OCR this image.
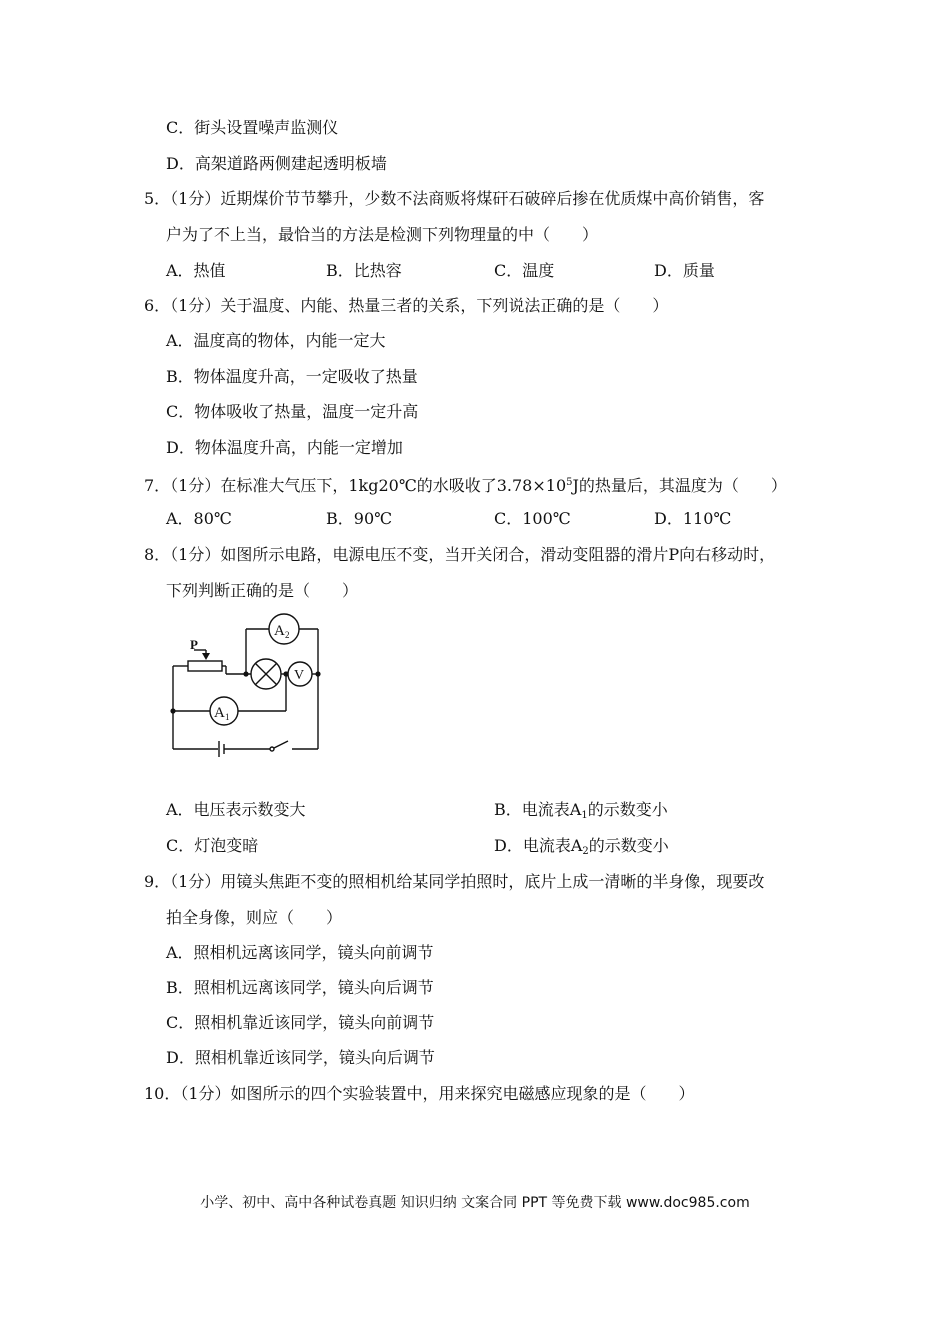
C．街头设置噪声监测仪
D．高架道路两侧建起透明板墙
5．（1分）近期煤价节节攀升，少数不法商贩将煤矸石破碎后掺在优质煤中高价销售，客
户为了不上当，最恰当的方法是检测下列物理量的中（　　）
A．热值	B．比热容	C．温度	D．质量
6．（1分）关于温度、内能、热量三者的关系，下列说法正确的是（　　）
A．温度高的物体，内能一定大
B．物体温度升高，一定吸收了热量
C．物体吸收了热量，温度一定升高
D．物体温度升高，内能一定增加
7．（1分）在标准大气压下，1kg20℃的水吸收了$3.78\times 10^5J$的热量后，其温度为（　　）
A．80℃	B．90℃	C．100℃	D．110℃
8．（1分）如图所示电路，电源电压不变，当开关闭合，滑动变阻器的滑片P向右移动时，
下列判断正确的是（　　）
P
A 2
A 1
V
A．电压表示数变大	B．电流表$A_1$的示数变小
C．灯泡变暗	D．电流表$A_2$的示数变小
9．（1分）用镜头焦距不变的照相机给某同学拍照时，底片上成一清晰的半身像，现要改
拍全身像，则应（　　）
A．照相机远离该同学，镜头向前调节
B．照相机远离该同学，镜头向后调节
C．照相机靠近该同学，镜头向前调节
D．照相机靠近该同学，镜头向后调节
10．（1分）如图所示的四个实验装置中，用来探究电磁感应现象的是（　　）
小学、初中、高中各种试卷真题 知识归纳 文案合同 PPT 等免费下载 www.doc985.com
